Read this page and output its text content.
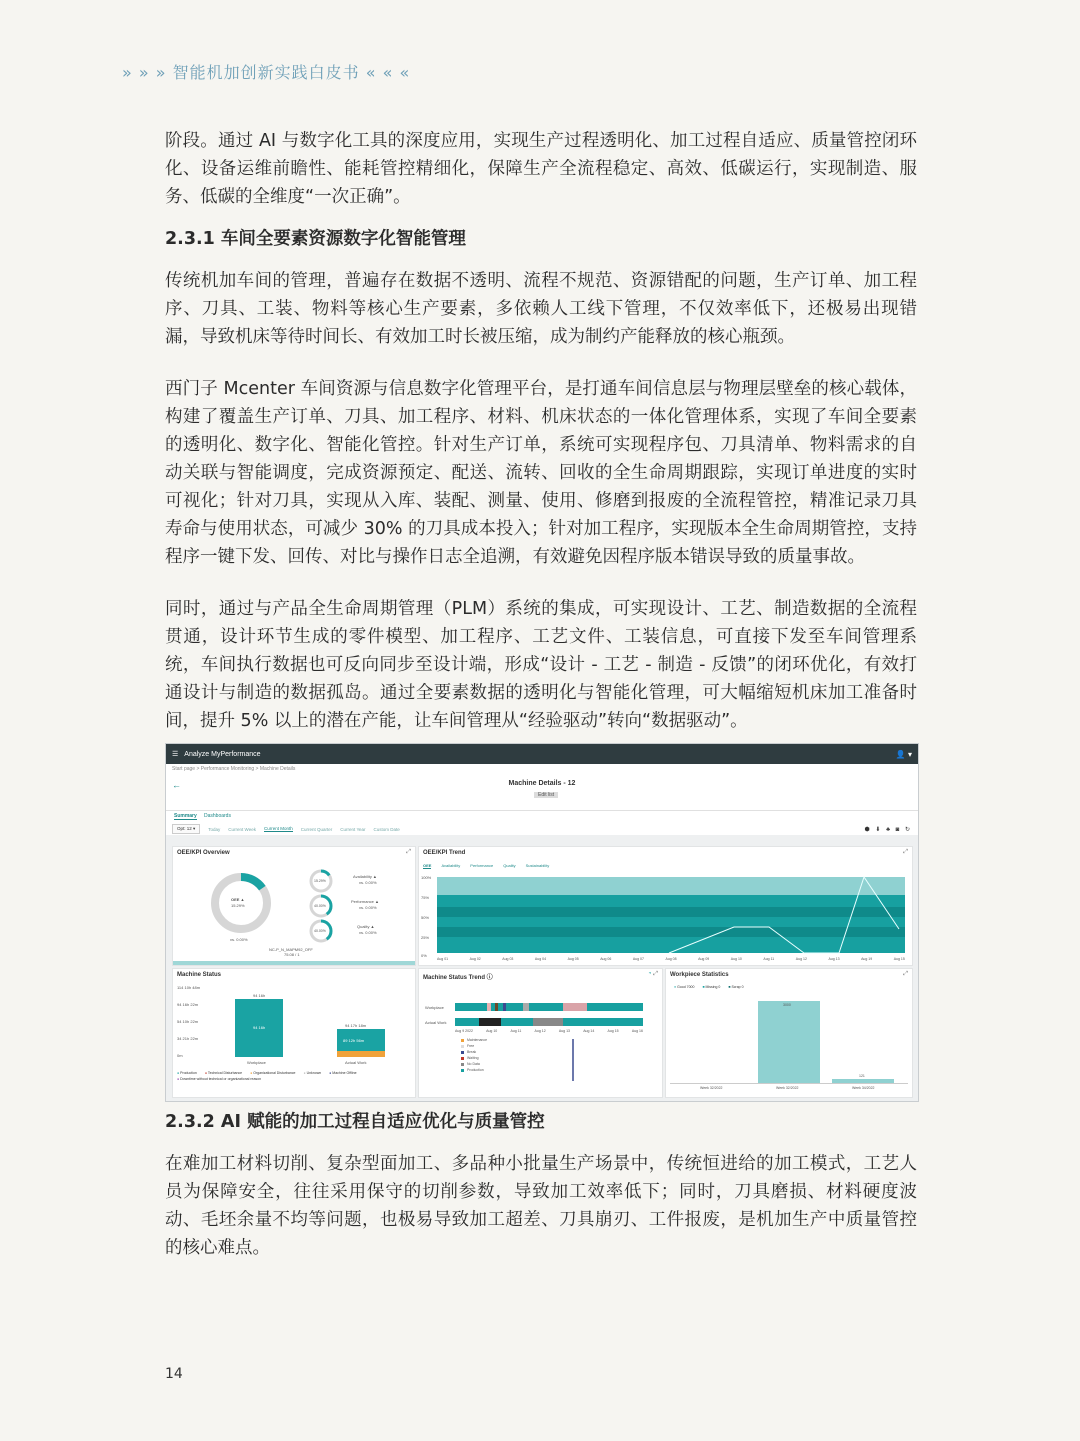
» » » 智能机加创新实践白皮书 « « «

阶段。通过 AI 与数字化工具的深度应用，实现生产过程透明化、加工过程自适应、质量管控闭环化、设备运维前瞻性、能耗管控精细化，保障生产全流程稳定、高效、低碳运行，实现制造、服务、低碳的全维度“一次正确”。

2.3.1 车间全要素资源数字化智能管理

传统机加车间的管理，普遍存在数据不透明、流程不规范、资源错配的问题，生产订单、加工程序、刀具、工装、物料等核心生产要素，多依赖人工线下管理，不仅效率低下，还极易出现错漏，导致机床等待时间长、有效加工时长被压缩，成为制约产能释放的核心瓶颈。

西门子 Mcenter 车间资源与信息数字化管理平台，是打通车间信息层与物理层壁垒的核心载体，构建了覆盖生产订单、刀具、加工程序、材料、机床状态的一体化管理体系，实现了车间全要素的透明化、数字化、智能化管控。针对生产订单，系统可实现程序包、刀具清单、物料需求的自动关联与智能调度，完成资源预定、配送、流转、回收的全生命周期跟踪，实现订单进度的实时可视化；针对刀具，实现从入库、装配、测量、使用、修磨到报废的全流程管控，精准记录刀具寿命与使用状态，可减少 30% 的刀具成本投入；针对加工程序，实现版本全生命周期管控，支持程序一键下发、回传、对比与操作日志全追溯，有效避免因程序版本错误导致的质量事故。

同时，通过与产品全生命周期管理（PLM）系统的集成，可实现设计、工艺、制造数据的全流程贯通，设计环节生成的零件模型、加工程序、工艺文件、工装信息，可直接下发至车间管理系统，车间执行数据也可反向同步至设计端，形成“设计 - 工艺 - 制造 - 反馈”的闭环优化，有效打通设计与制造的数据孤岛。通过全要素数据的透明化与智能化管理，可大幅缩短机床加工准备时间，提升 5% 以上的潜在产能，让车间管理从“经验驱动”转向“数据驱动”。

☰ Analyze MyPerformance	👤 ▾
Start page > Performance Monitoring > Machine Details
←	Machine Details - 12
Edit list
Summary Dashboards
Opt: 12 ▾	Today Current Week Current Month Current Quarter Current Year Custom Date	⬢ ⬇ ♣ ◙ ↻
OEE/KPI Overview	⤢
OEE ▲
15.29%
vs. 0.00%
15.29%
40.00%
40.00%
Availability ▲
vs. 0.00%
Performance ▲
vs. 0.00%
Quality ▲
vs. 0.00%
NC-P_N_MAPM92_OFF
75.08 / 1
OEE/KPI Trend	⤢
OEE	Availability	Performance	Quality	Sustainability
100%
75%
50%
25%
0%
Aug 01	Aug 02	Aug 03	Aug 04	Aug 05	Aug 06	Aug 07	Aug 08	Aug 09	Aug 10	Aug 11	Aug 12	Aug 13	Aug 19	Aug 15
Machine Status
114 10h 48m
94 16h 22m
54 10h 22m
34 21h 22m
0m
94 16h
94 16h
Workplace
94 17h 18m
89 12h 56m
Actual Work
● Production ● Technical Disturbance ● Organizational Disturbance ● Unknown ● Machine Offline
● Downtime without technical or organizational reason
Machine Status Trend ⓘ
◔ ⤢
Workplace
Actual Work
Aug 9 2022	Aug 10	Aug 11	Aug 12	Aug 13	Aug 14	Aug 15	Aug 16
Maintenance
Free
Break
Waiting
No Data
Production
Workpiece Statistics	⤢
■ Good 7000 ■ Missing 0 ■ Scrap 0
3000
121
Week 32/2022	Week 32/2022	Week 34/2022
2.3.2 AI 赋能的加工过程自适应优化与质量管控

在难加工材料切削、复杂型面加工、多品种小批量生产场景中，传统恒进给的加工模式，工艺人员为保障安全，往往采用保守的切削参数，导致加工效率低下；同时，刀具磨损、材料硬度波动、毛坯余量不均等问题，也极易导致加工超差、刀具崩刃、工件报废，是机加生产中质量管控的核心难点。

14
